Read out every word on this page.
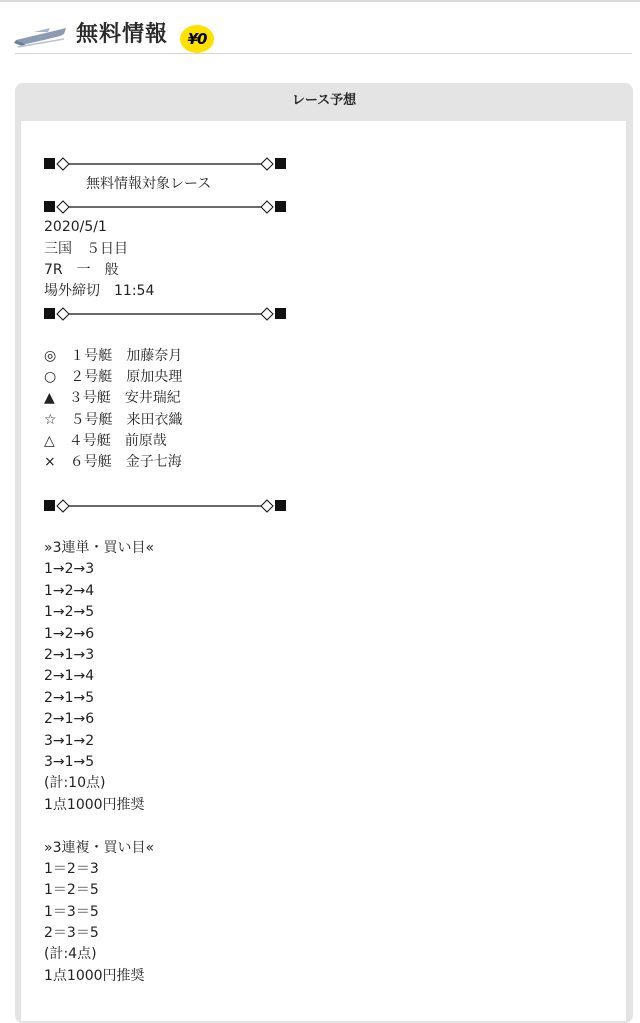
無料情報	¥0
レース予想
無料情報対象レース
2020/5/1
三国　５日目
7R　一　般
場外締切　11:54
◎　１号艇　加藤奈月
○　２号艇　原加央理
▲　３号艇　安井瑞紀
☆　５号艇　来田衣織
△　４号艇　前原哉
×　６号艇　金子七海
»3連単・買い目«
1→2→3
1→2→4
1→2→5
1→2→6
2→1→3
2→1→4
2→1→5
2→1→6
3→1→2
3→1→5
(計:10点)
1点1000円推奨
»3連複・買い目«
1＝2＝3
1＝2＝5
1＝3＝5
2＝3＝5
(計:4点)
1点1000円推奨
